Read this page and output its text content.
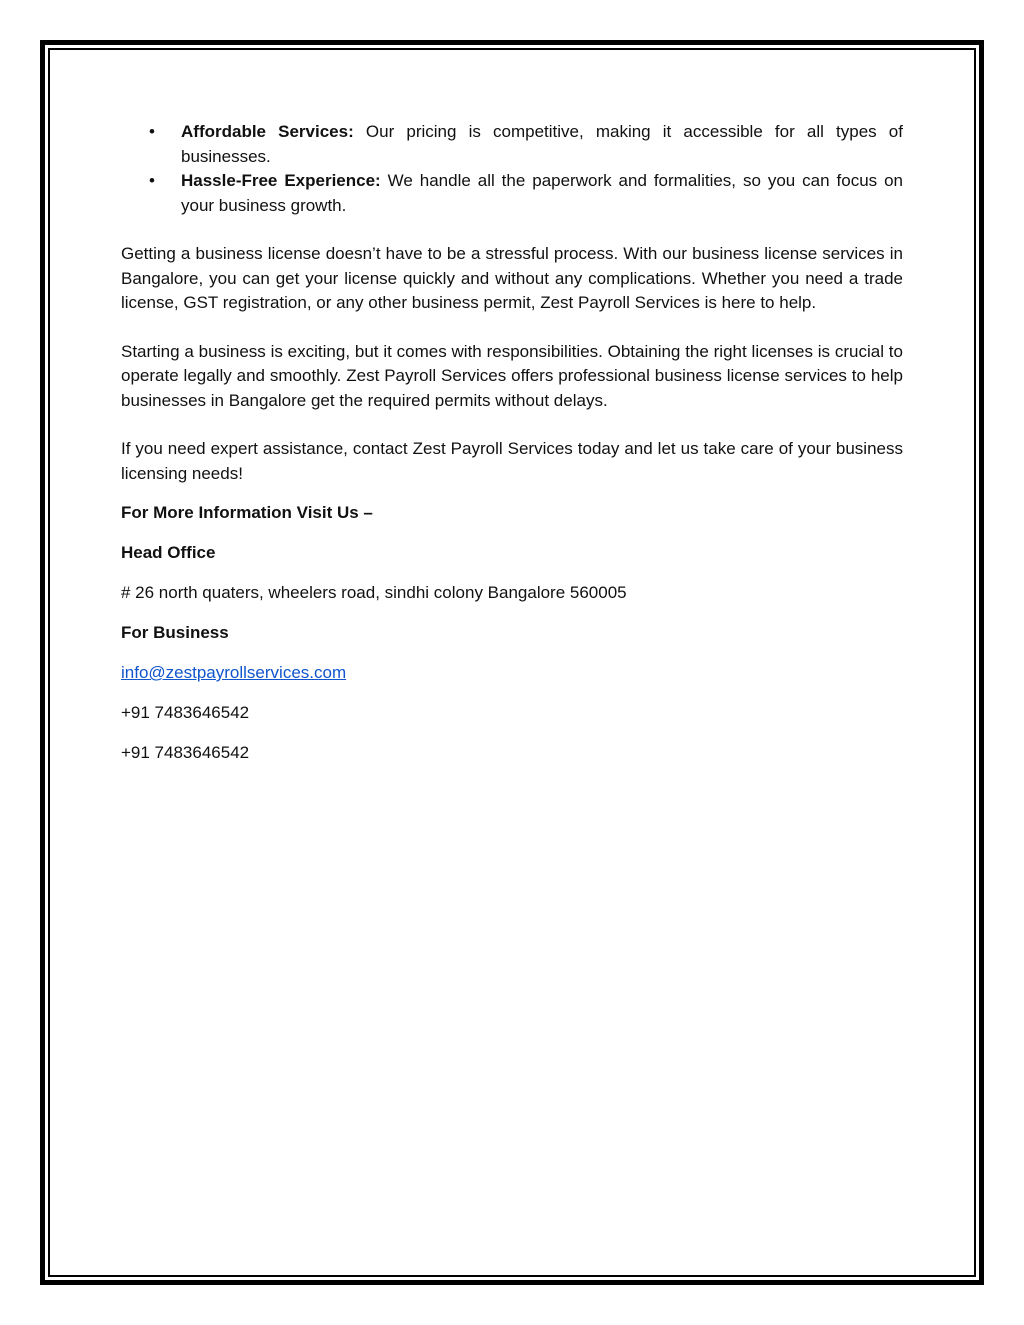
• Affordable Services: Our pricing is competitive, making it accessible for all types of businesses.
• Hassle-Free Experience: We handle all the paperwork and formalities, so you can focus on your business growth.

Getting a business license doesn’t have to be a stressful process. With our business license services in Bangalore, you can get your license quickly and without any complications. Whether you need a trade license, GST registration, or any other business permit, Zest Payroll Services is here to help.

Starting a business is exciting, but it comes with responsibilities. Obtaining the right licenses is crucial to operate legally and smoothly. Zest Payroll Services offers professional business license services to help businesses in Bangalore get the required permits without delays.

If you need expert assistance, contact Zest Payroll Services today and let us take care of your business licensing needs!

For More Information Visit Us –

Head Office

# 26 north quaters, wheelers road, sindhi colony Bangalore 560005

For Business

info@zestpayrollservices.com

+91 7483646542

+91 7483646542
